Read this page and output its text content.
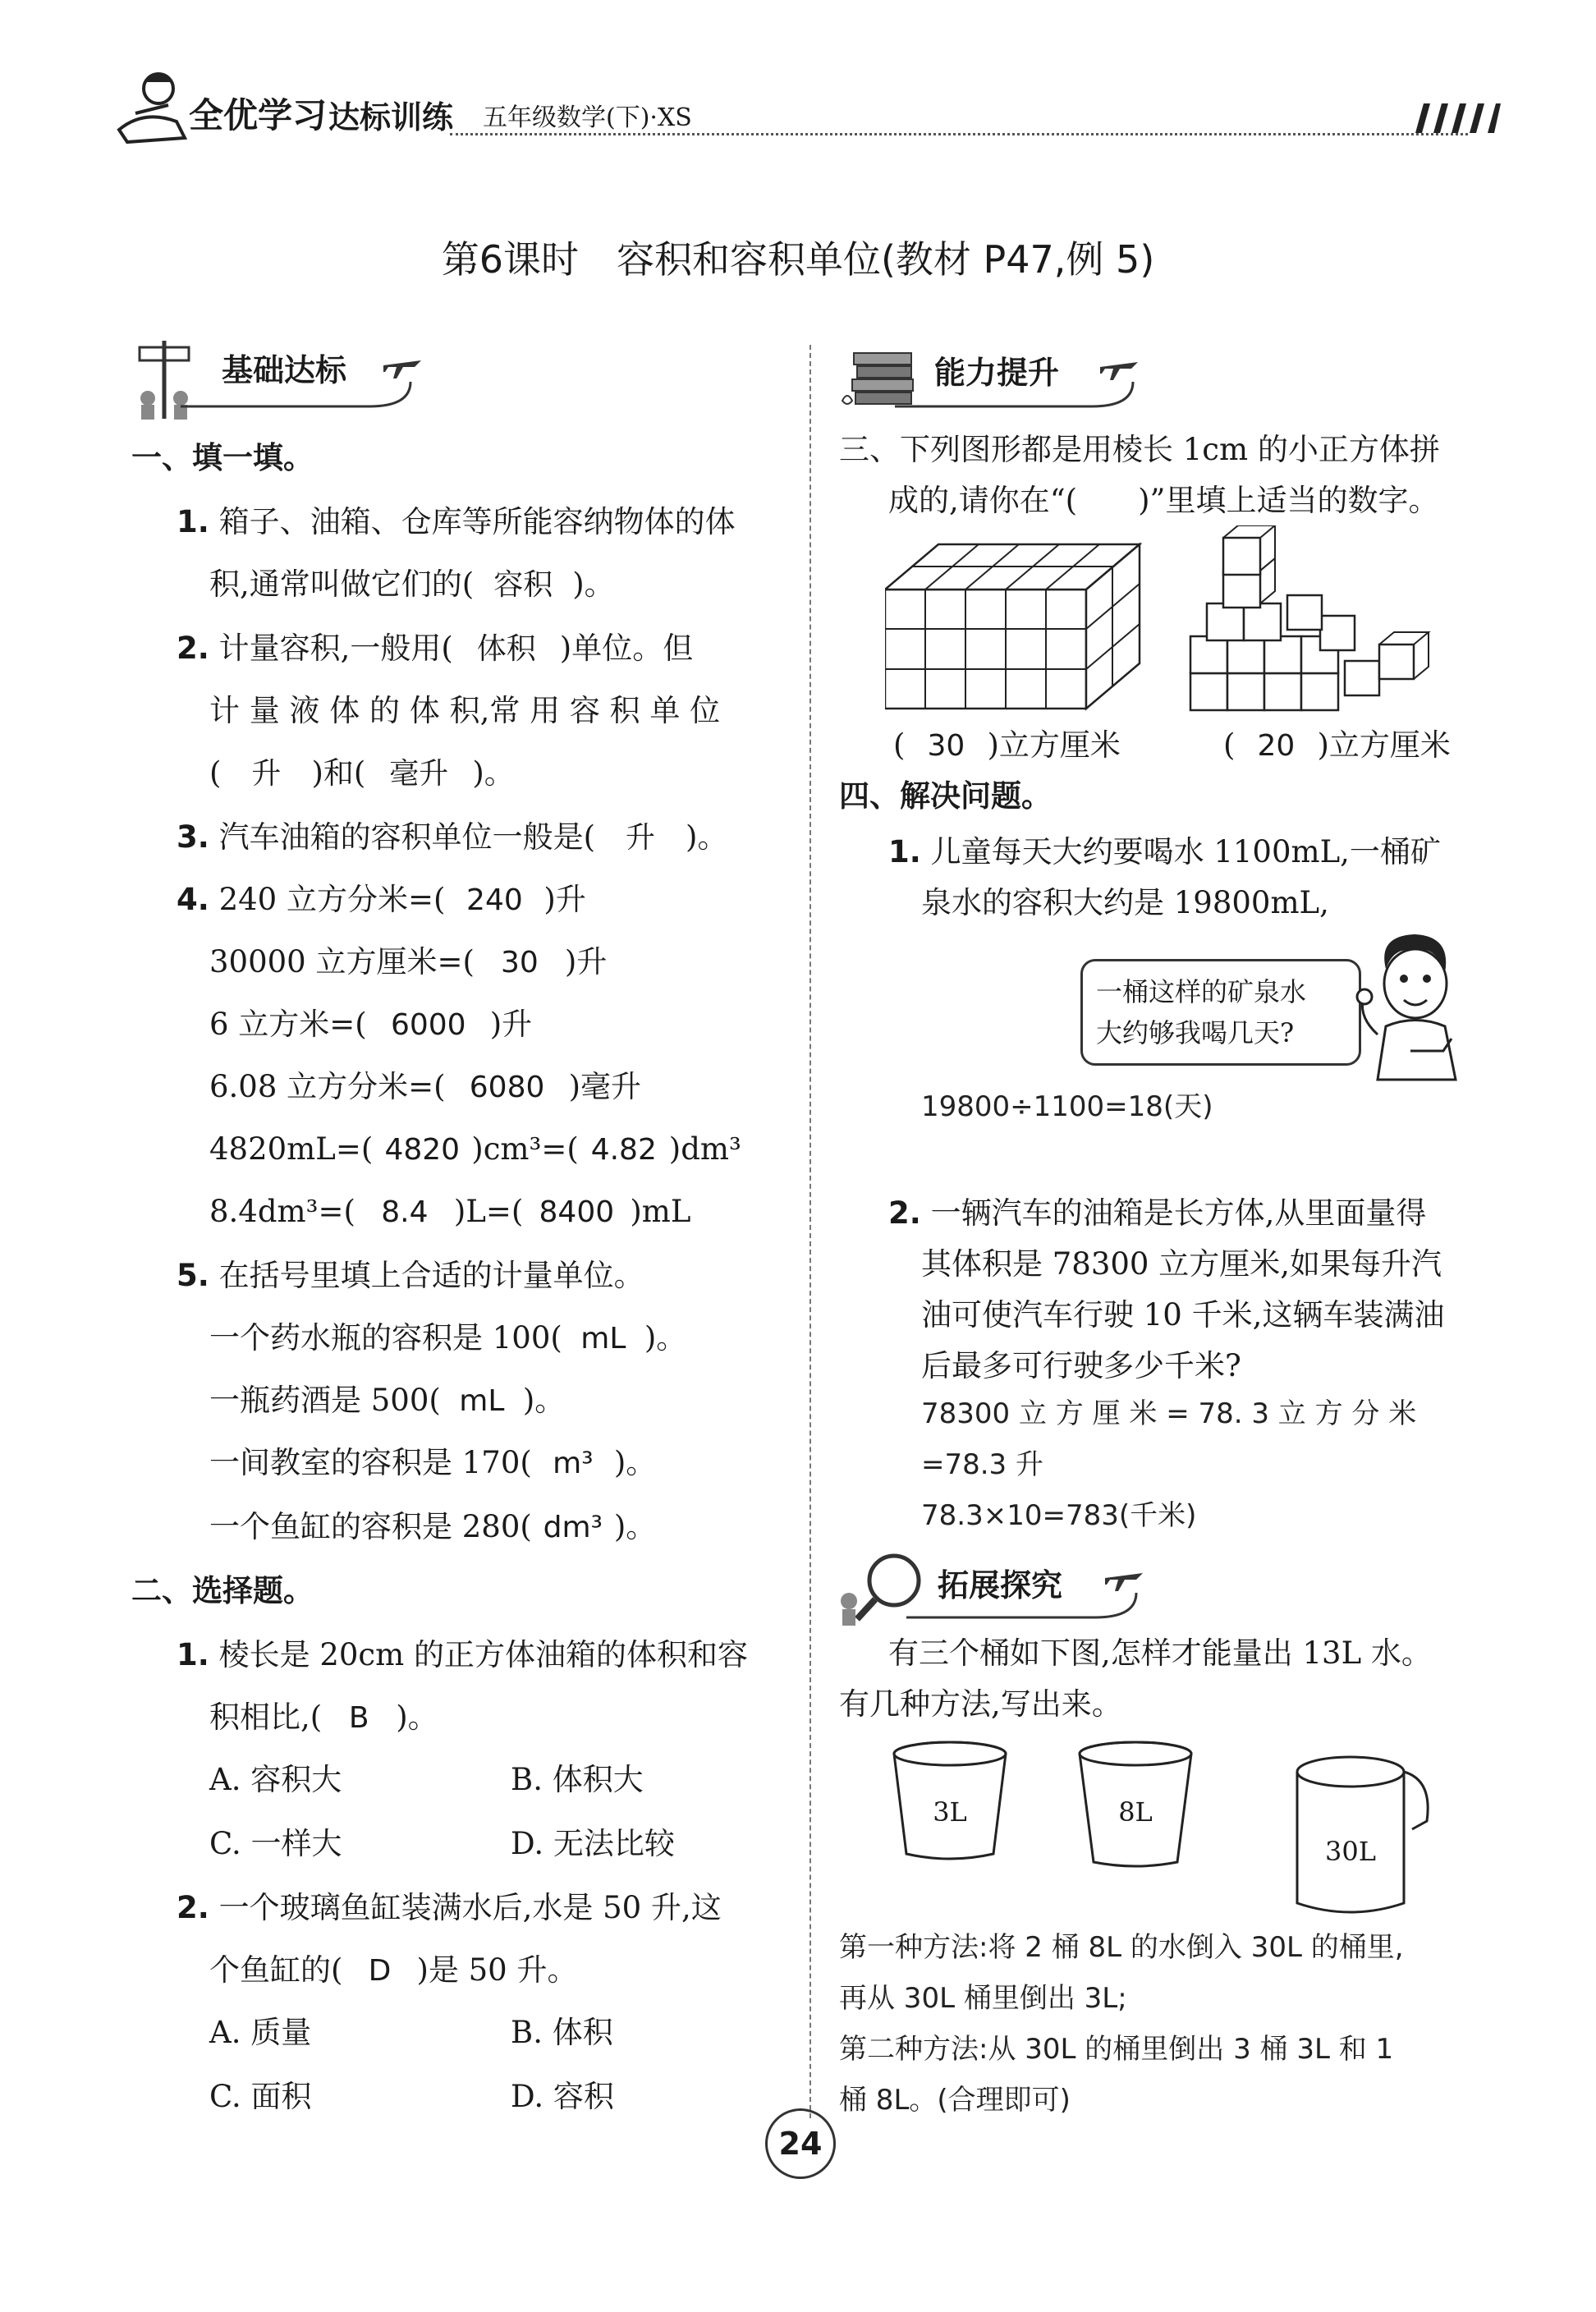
全优学习 达标训练 五年级数学(下)·XS
第6课时　容积和容积单位(教材 P47,例 5)
基础达标
一、填一填。
1. 箱子、油箱、仓库等所能容纳物体的体
积,通常叫做它们的( 容积 )。
2. 计量容积,一般用( 体积 )单位。但
计 量 液 体 的 体 积,常 用 容 积 单 位
( 升 )和( 毫升 )。
3. 汽车油箱的容积单位一般是( 升 )。
4. 240 立方分米=( 240 )升
30000 立方厘米=( 30 )升
6 立方米=( 6000 )升
6.08 立方分米=( 6080 )毫升
4820mL=( 4820 )cm³=( 4.82 )dm³
8.4dm³=( 8.4 )L=( 8400 )mL
5. 在括号里填上合适的计量单位。
一个药水瓶的容积是 100( mL )。
一瓶药酒是 500( mL )。
一间教室的容积是 170( m³ )。
一个鱼缸的容积是 280( dm³ )。
二、选择题。
1. 棱长是 20cm 的正方体油箱的体积和容
积相比,( B )。
A. 容积大	B. 体积大
C. 一样大	D. 无法比较
2. 一个玻璃鱼缸装满水后,水是 50 升,这
个鱼缸的( D )是 50 升。
A. 质量	B. 体积
C. 面积	D. 容积
能力提升
三、下列图形都是用棱长 1cm 的小正方体拼
成的,请你在“(　　)”里填上适当的数字。
( 30 )立方厘米	( 20 )立方厘米
四、解决问题。
1. 儿童每天大约要喝水 1100mL,一桶矿
泉水的容积大约是 19800mL,
一桶这样的矿泉水
大约够我喝几天?
19800÷1100=18(天)
2. 一辆汽车的油箱是长方体,从里面量得
其体积是 78300 立方厘米,如果每升汽
油可使汽车行驶 10 千米,这辆车装满油
后最多可行驶多少千米?
78300 立 方 厘 米 = 78. 3 立 方 分 米
=78.3 升
78.3×10=783(千米)
拓展探究
有三个桶如下图,怎样才能量出 13L 水。
有几种方法,写出来。
3L	8L
30L
第一种方法:将 2 桶 8L 的水倒入 30L 的桶里,
再从 30L 桶里倒出 3L;
第二种方法:从 30L 的桶里倒出 3 桶 3L 和 1
桶 8L。(合理即可)
24
